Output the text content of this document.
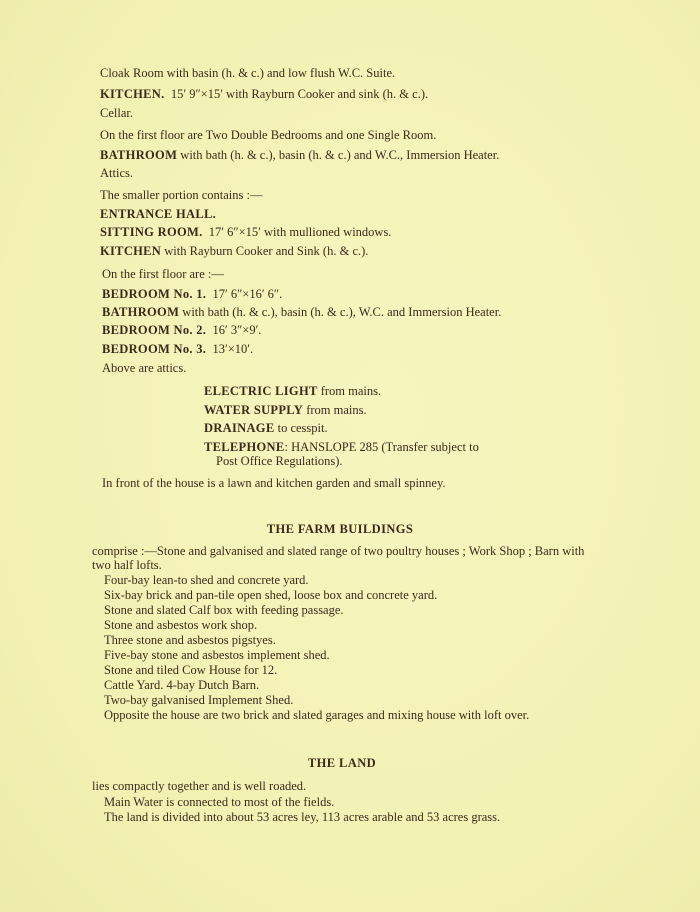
Cloak Room with basin (h. & c.) and low flush W.C. Suite.
KITCHEN. 15′ 9″×15′ with Rayburn Cooker and sink (h. & c.).
Cellar.
On the first floor are Two Double Bedrooms and one Single Room.
BATHROOM with bath (h. & c.), basin (h. & c.) and W.C., Immersion Heater.
Attics.
The smaller portion contains :—
ENTRANCE HALL.
SITTING ROOM. 17′ 6″×15′ with mullioned windows.
KITCHEN with Rayburn Cooker and Sink (h. & c.).
On the first floor are :—
BEDROOM No. 1. 17′ 6″×16′ 6″.
BATHROOM with bath (h. & c.), basin (h. & c.), W.C. and Immersion Heater.
BEDROOM No. 2. 16′ 3″×9′.
BEDROOM No. 3. 13′×10′.
Above are attics.
ELECTRIC LIGHT from mains.
WATER SUPPLY from mains.
DRAINAGE to cesspit.
TELEPHONE: HANSLOPE 285 (Transfer subject to
Post Office Regulations).
In front of the house is a lawn and kitchen garden and small spinney.
THE FARM BUILDINGS
comprise :—Stone and galvanised and slated range of two poultry houses ; Work Shop ; Barn with
two half lofts.
Four-bay lean-to shed and concrete yard.
Six-bay brick and pan-tile open shed, loose box and concrete yard.
Stone and slated Calf box with feeding passage.
Stone and asbestos work shop.
Three stone and asbestos pigstyes.
Five-bay stone and asbestos implement shed.
Stone and tiled Cow House for 12.
Cattle Yard. 4-bay Dutch Barn.
Two-bay galvanised Implement Shed.
Opposite the house are two brick and slated garages and mixing house with loft over.
THE LAND
lies compactly together and is well roaded.
Main Water is connected to most of the fields.
The land is divided into about 53 acres ley, 113 acres arable and 53 acres grass.
